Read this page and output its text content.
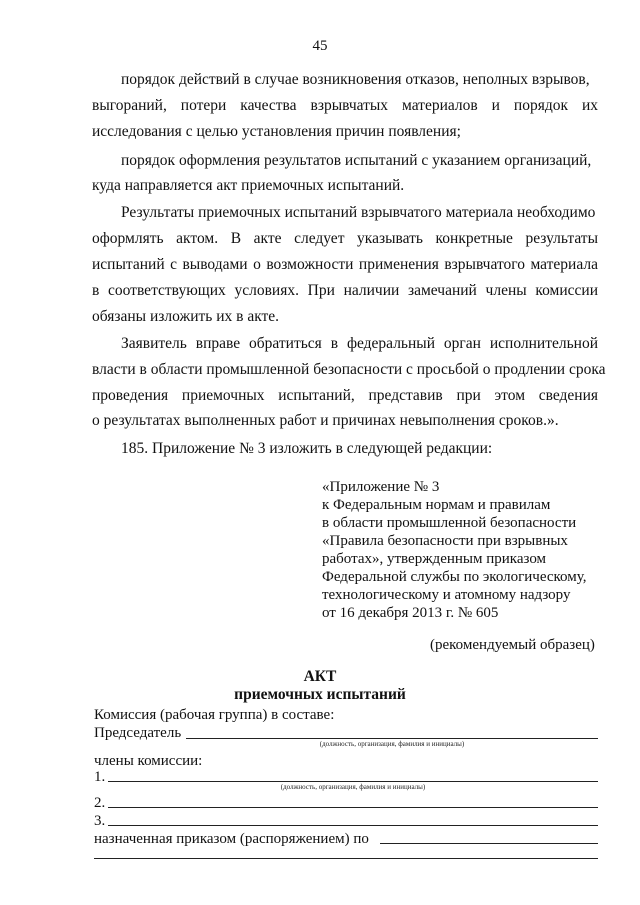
45
порядок действий в случае возникновения отказов, неполных взрывов,
выгораний, потери качества взрывчатых материалов и порядок их
исследования с целью установления причин появления;
порядок оформления результатов испытаний с указанием организаций,
куда направляется акт приемочных испытаний.
Результаты приемочных испытаний взрывчатого материала необходимо
оформлять актом. В акте следует указывать конкретные результаты
испытаний с выводами о возможности применения взрывчатого материала
в соответствующих условиях. При наличии замечаний члены комиссии
обязаны изложить их в акте.
Заявитель вправе обратиться в федеральный орган исполнительной
власти в области промышленной безопасности с просьбой о продлении срока
проведения приемочных испытаний, представив при этом сведения
о результатах выполненных работ и причинах невыполнения сроков.».
185. Приложение № 3 изложить в следующей редакции:
«Приложение № 3
к Федеральным нормам и правилам
в области промышленной безопасности
«Правила безопасности при взрывных
работах», утвержденным приказом
Федеральной службы по экологическому,
технологическому и атомному надзору
от 16 декабря 2013 г. № 605
(рекомендуемый образец)
АКТ
приемочных испытаний
Комиссия (рабочая группа) в составе:
Председатель
(должность, организация, фамилия и инициалы)
члены комиссии:
1.
(должность, организация, фамилия и инициалы)
2.
3.
назначенная приказом (распоряжением) по
